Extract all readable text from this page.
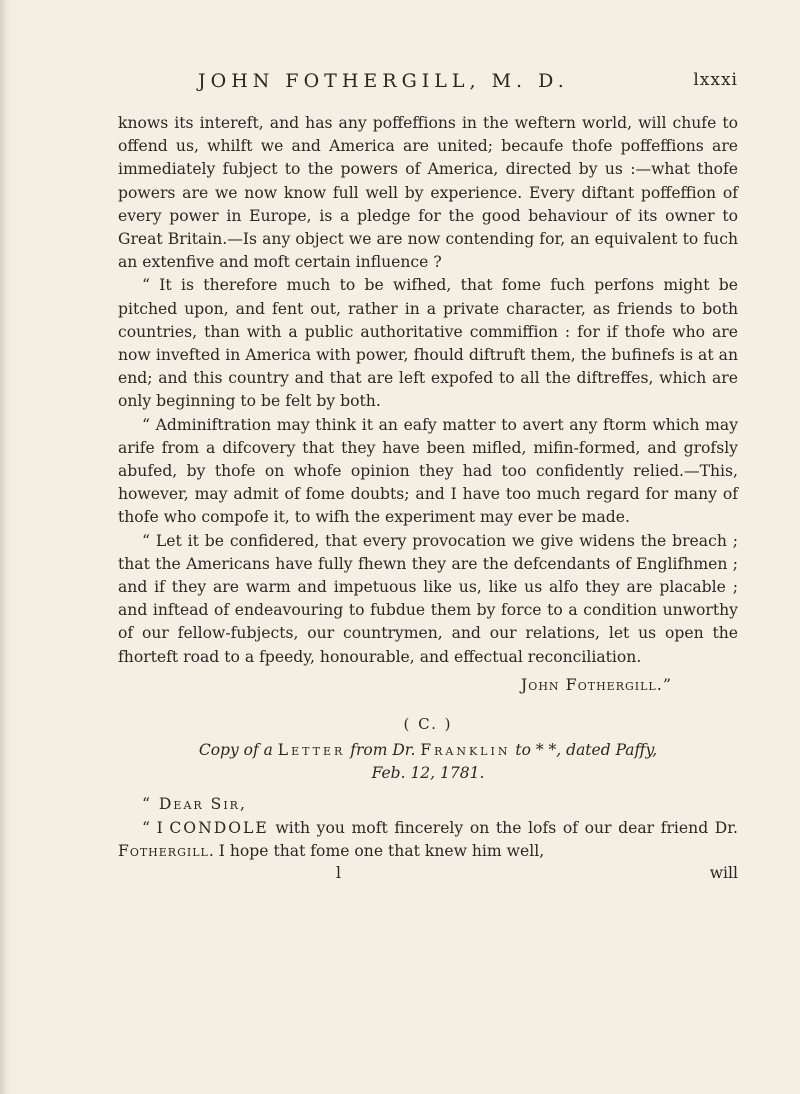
JOHN FOTHERGILL, M. D.	lxxxi

knows its intereft, and has any poffeffions in the weftern world, will chufe to offend us, whilft we and America are united; becaufe thofe poffeffions are immediately fubject to the powers of America, directed by us :—what thofe powers are we now know full well by experience. Every diftant poffeffion of every power in Europe, is a pledge for the good behaviour of its owner to Great Britain.—Is any object we are now contending for, an equivalent to fuch an extenfive and moft certain influence ?

“ It is therefore much to be wifhed, that fome fuch perfons might be pitched upon, and fent out, rather in a private character, as friends to both countries, than with a public authoritative commiffion : for if thofe who are now invefted in America with power, fhould diftruft them, the bufinefs is at an end; and this country and that are left expofed to all the diftreffes, which are only beginning to be felt by both.

“ Adminiftration may think it an eafy matter to avert any ftorm which may arife from a difcovery that they have been mifled, mifin-formed, and grofsly abufed, by thofe on whofe opinion they had too confidently relied.—This, however, may admit of fome doubts; and I have too much regard for many of thofe who compofe it, to wifh the experiment may ever be made.

“ Let it be confidered, that every provocation we give widens the breach ; that the Americans have fully fhewn they are the defcendants of Englifhmen ; and if they are warm and impetuous like us, like us alfo they are placable ; and inftead of endeavouring to fubdue them by force to a condition unworthy of our fellow-fubjects, our countrymen, and our relations, let us open the fhorteft road to a fpeedy, honourable, and effectual reconciliation.

John Fothergill.”
( C. )
Copy of a Letter from Dr. Franklin to * *, dated Paffy,
Feb. 12, 1781.
“ Dear Sir,

“ I CONDOLE with you moft fincerely on the lofs of our dear friend Dr. Fothergill. I hope that fome one that knew him well,

l	will
